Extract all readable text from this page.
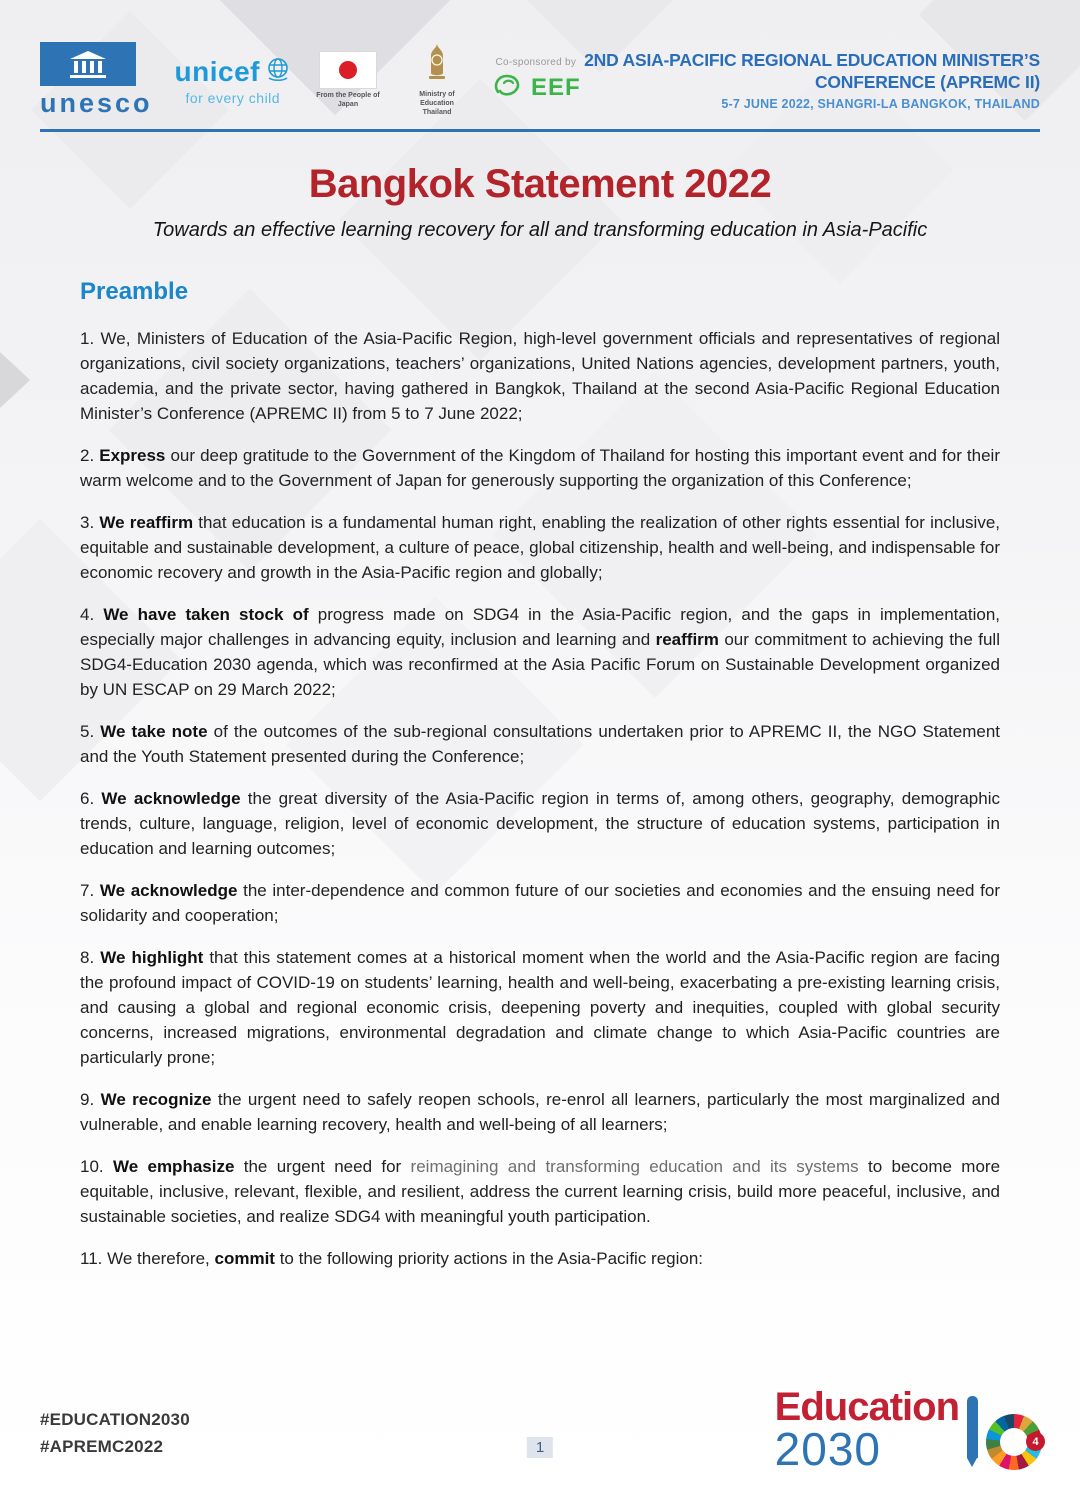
unesco
unicef
for every child	From the People of Japan
Ministry of Education Thailand
Co-sponsored by
EEF
2ND ASIA-PACIFIC REGIONAL EDUCATION MINISTER’S CONFERENCE (APREMC II)
5-7 JUNE 2022, SHANGRI-LA BANGKOK, THAILAND
Bangkok Statement 2022
Towards an effective learning recovery for all and transforming education in Asia-Pacific
Preamble

1. We, Ministers of Education of the Asia-Pacific Region, high-level government officials and representatives of regional organizations, civil society organizations, teachers’ organizations, United Nations agencies, development partners, youth, academia, and the private sector, having gathered in Bangkok, Thailand at the second Asia-Pacific Regional Education Minister’s Conference (APREMC II) from 5 to 7 June 2022;

2. Express our deep gratitude to the Government of the Kingdom of Thailand for hosting this important event and for their warm welcome and to the Government of Japan for generously supporting the organization of this Conference;

3. We reaffirm that education is a fundamental human right, enabling the realization of other rights essential for inclusive, equitable and sustainable development, a culture of peace, global citizenship, health and well-being, and indispensable for economic recovery and growth in the Asia-Pacific region and globally;

4. We have taken stock of progress made on SDG4 in the Asia-Pacific region, and the gaps in implementation, especially major challenges in advancing equity, inclusion and learning and reaffirm our commitment to achieving the full SDG4-Education 2030 agenda, which was reconfirmed at the Asia Pacific Forum on Sustainable Development organized by UN ESCAP on 29 March 2022;

5. We take note of the outcomes of the sub-regional consultations undertaken prior to APREMC II, the NGO Statement and the Youth Statement presented during the Conference;

6. We acknowledge the great diversity of the Asia-Pacific region in terms of, among others, geography, demographic trends, culture, language, religion, level of economic development, the structure of education systems, participation in education and learning outcomes;

7. We acknowledge the inter-dependence and common future of our societies and economies and the ensuing need for solidarity and cooperation;

8. We highlight that this statement comes at a historical moment when the world and the Asia-Pacific region are facing the profound impact of COVID-19 on students’ learning, health and well-being, exacerbating a pre-existing learning crisis, and causing a global and regional economic crisis, deepening poverty and inequities, coupled with global security concerns, increased migrations, environmental degradation and climate change to which Asia-Pacific countries are particularly prone;

9. We recognize the urgent need to safely reopen schools, re-enrol all learners, particularly the most marginalized and vulnerable, and enable learning recovery, health and well-being of all learners;

10. We emphasize the urgent need for reimagining and transforming education and its systems to become more equitable, inclusive, relevant, flexible, and resilient, address the current learning crisis, build more peaceful, inclusive, and sustainable societies, and realize SDG4 with meaningful youth participation.

11. We therefore, commit to the following priority actions in the Asia-Pacific region:

#EDUCATION2030
#APREMC2022	1
Education
2030	4
